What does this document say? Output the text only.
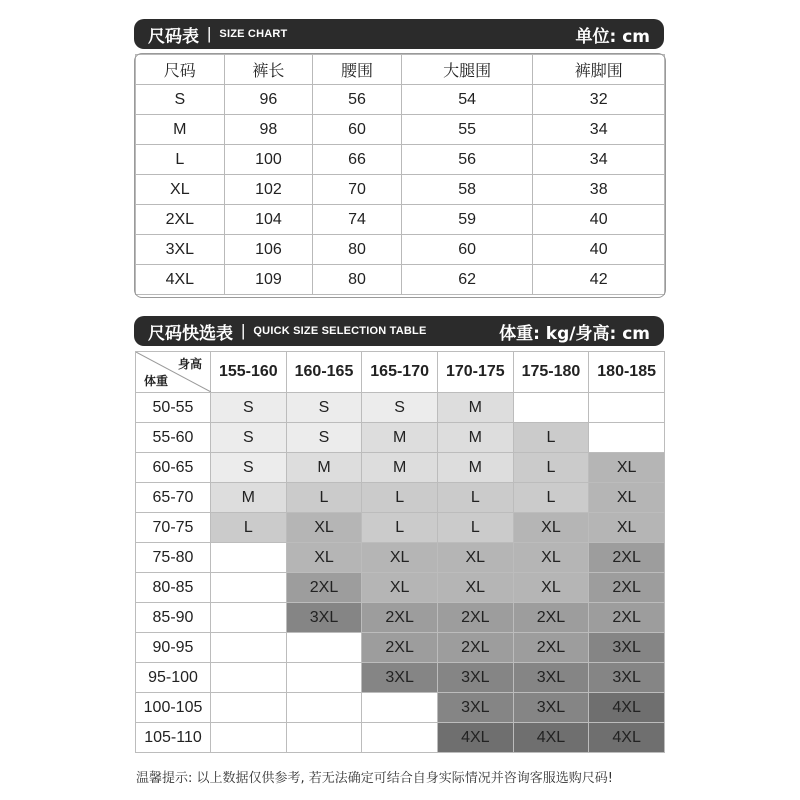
尺码表 | SIZE CHART	单位: cm
尺码	裤长	腰围	大腿围	裤脚围
S	96	56	54	32
M	98	60	55	34
L	100	66	56	34
XL	102	70	58	38
2XL	104	74	59	40
3XL	106	80	60	40
4XL	109	80	62	42
尺码快选表 | QUICK SIZE SELECTION TABLE	体重: kg/身高: cm
身高
体重	155-160	160-165	165-170	170-175	175-180	180-185
50-55	S	S	S	M		
55-60	S	S	M	M	L	
60-65	S	M	M	M	L	XL
65-70	M	L	L	L	L	XL
70-75	L	XL	L	L	XL	XL
75-80		XL	XL	XL	XL	2XL
80-85		2XL	XL	XL	XL	2XL
85-90		3XL	2XL	2XL	2XL	2XL
90-95			2XL	2XL	2XL	3XL
95-100			3XL	3XL	3XL	3XL
100-105				3XL	3XL	4XL
105-110				4XL	4XL	4XL
温馨提示: 以上数据仅供参考, 若无法确定可结合自身实际情况并咨询客服选购尺码!
